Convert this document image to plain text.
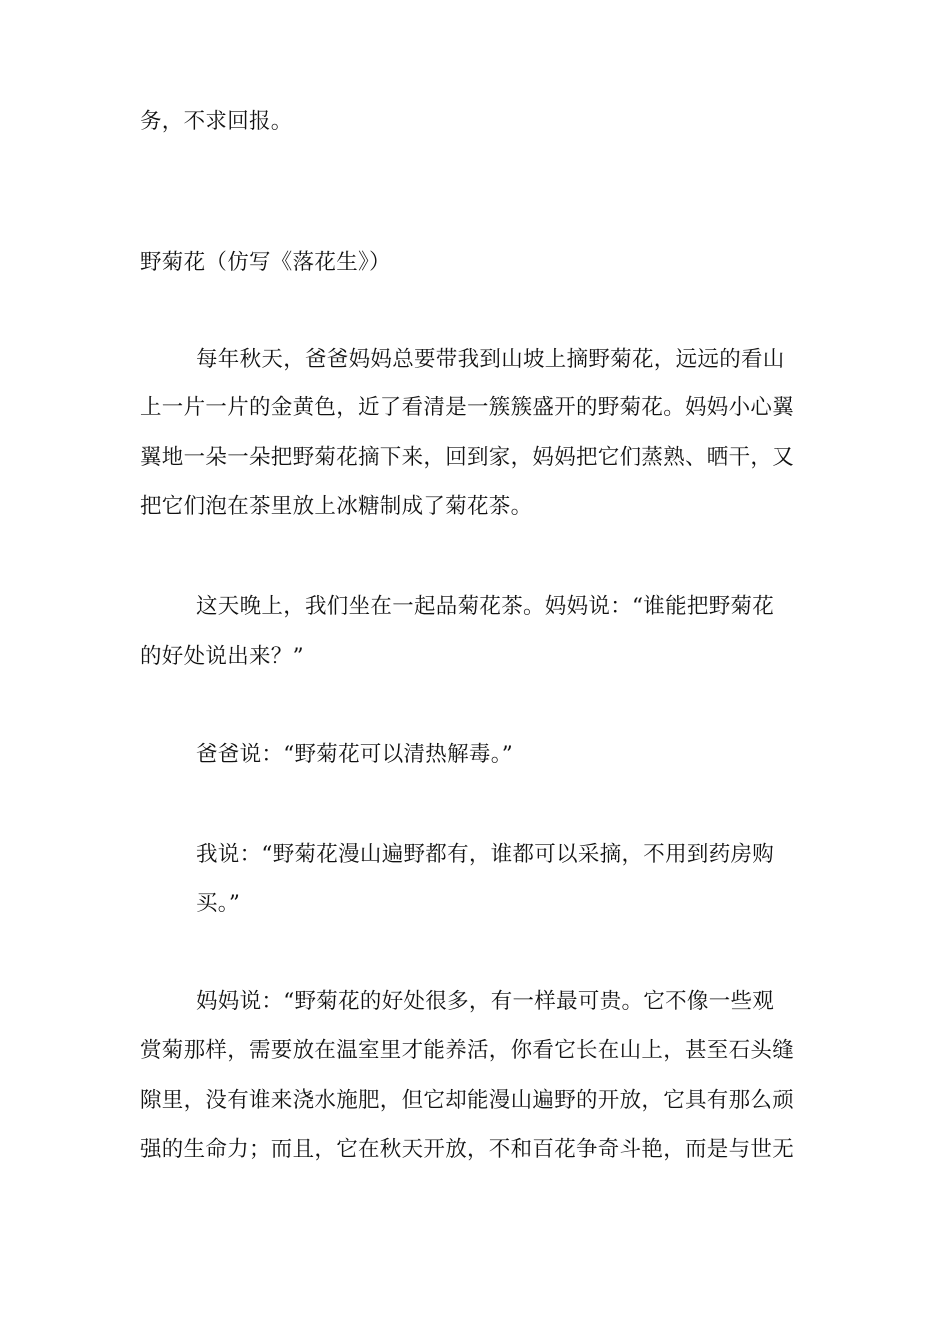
务，不求回报。
野菊花（仿写《落花生》）
每年秋天，爸爸妈妈总要带我到山坡上摘野菊花，远远的看山
上一片一片的金黄色，近了看清是一簇簇盛开的野菊花。妈妈小心翼
翼地一朵一朵把野菊花摘下来，回到家，妈妈把它们蒸熟、晒干，又
把它们泡在茶里放上冰糖制成了菊花茶。
这天晚上，我们坐在一起品菊花茶。妈妈说：“谁能把野菊花
的好处说出来？”
爸爸说：“野菊花可以清热解毒。”
我说：“野菊花漫山遍野都有，谁都可以采摘，不用到药房购
买。”
妈妈说：“野菊花的好处很多，有一样最可贵。它不像一些观
赏菊那样，需要放在温室里才能养活，你看它长在山上，甚至石头缝
隙里，没有谁来浇水施肥，但它却能漫山遍野的开放，它具有那么顽
强的生命力；而且，它在秋天开放，不和百花争奇斗艳，而是与世无
